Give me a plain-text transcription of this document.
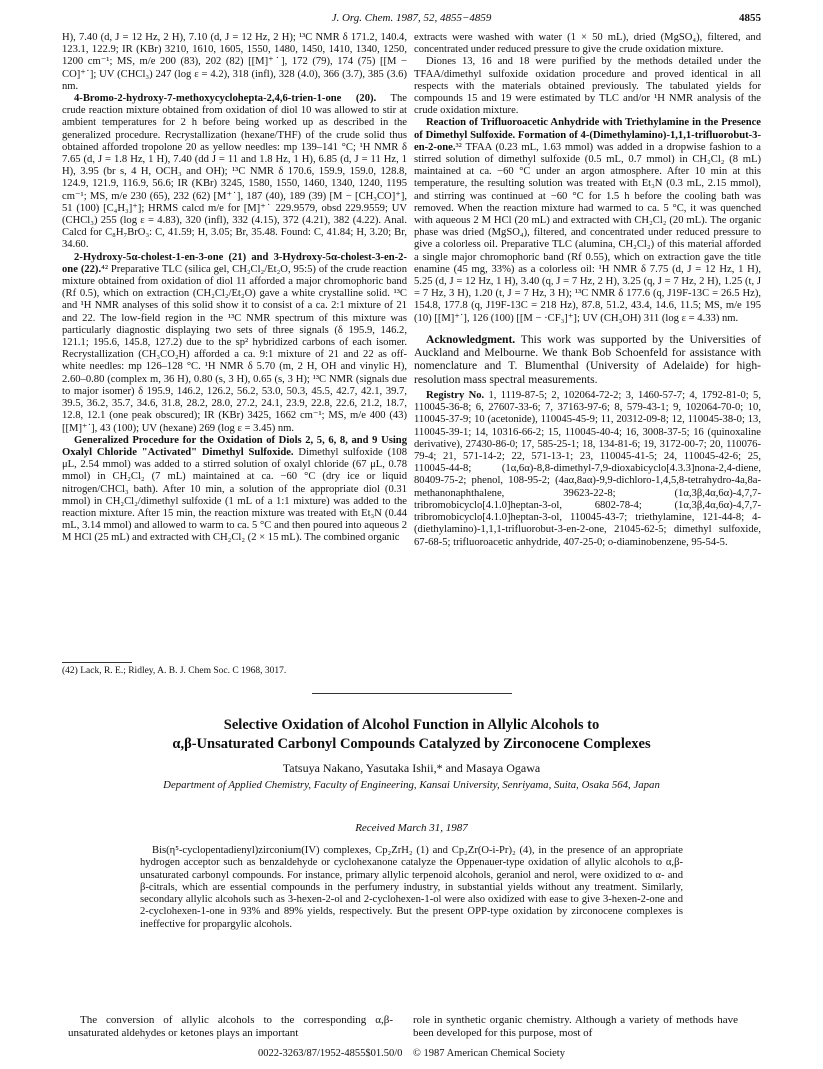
J. Org. Chem. 1987, 52, 4855−4859	4855

H), 7.40 (d, J = 12 Hz, 2 H), 7.10 (d, J = 12 Hz, 2 H); ¹³C NMR δ 171.2, 140.4, 123.1, 122.9; IR (KBr) 3210, 1610, 1605, 1550, 1480, 1450, 1410, 1340, 1250, 1200 cm⁻¹; MS, m/e 200 (83), 202 (82) [[M]⁺˙], 172 (79), 174 (75) [[M − CO]⁺˙]; UV (CHCl₃) 247 (log ε = 4.2), 318 (infl), 328 (4.0), 366 (3.7), 385 (3.6) nm.

4-Bromo-2-hydroxy-7-methoxycyclohepta-2,4,6-trien-1-one (20). The crude reaction mixture obtained from oxidation of diol 10 was allowed to stir at ambient temperatures for 2 h before being worked up as described in the generalized procedure. Recrystallization (hexane/THF) of the crude solid thus obtained afforded tropolone 20 as yellow needles: mp 139–141 °C; ¹H NMR δ 7.65 (d, J = 1.8 Hz, 1 H), 7.40 (dd J = 11 and 1.8 Hz, 1 H), 6.85 (d, J = 11 Hz, 1 H), 3.95 (br s, 4 H, OCH₃ and OH); ¹³C NMR δ 170.6, 159.9, 159.0, 128.8, 124.9, 121.9, 116.9, 56.6; IR (KBr) 3245, 1580, 1550, 1460, 1340, 1240, 1195 cm⁻¹; MS, m/e 230 (65), 232 (62) [M⁺˙], 187 (40), 189 (39) [M − [CH₃CO]⁺], 51 (100) [C₄H₃]⁺]; HRMS calcd m/e for [M]⁺˙ 229.9579, obsd 229.9559; UV (CHCl₃) 255 (log ε = 4.83), 320 (infl), 332 (4.15), 372 (4.21), 382 (4.22). Anal. Calcd for C₈H₇BrO₃: C, 41.59; H, 3.05; Br, 35.48. Found: C, 41.84; H, 3.20; Br, 34.60.

2-Hydroxy-5α-cholest-1-en-3-one (21) and 3-Hydroxy-5α-cholest-3-en-2-one (22).⁴² Preparative TLC (silica gel, CH₂Cl₂/Et₂O, 95:5) of the crude reaction mixture obtained from oxidation of diol 11 afforded a major chromophoric band (Rf 0.5), which on extraction (CH₂Cl₂/Et₂O) gave a white crystalline solid. ¹³C and ¹H NMR analyses of this solid show it to consist of a ca. 2:1 mixture of 21 and 22. The low-field region in the ¹³C NMR spectrum of this mixture was particularly diagnostic displaying two sets of three signals (δ 195.9, 146.2, 121.1; 195.6, 145.8, 127.2) due to the sp² hybridized carbons of each isomer. Recrystallization (CH₃CO₂H) afforded a ca. 9:1 mixture of 21 and 22 as off-white needles: mp 126–128 °C. ¹H NMR δ 5.70 (m, 2 H, OH and vinylic H), 2.60–0.80 (complex m, 36 H), 0.80 (s, 3 H), 0.65 (s, 3 H); ¹³C NMR (signals due to major isomer) δ 195.9, 146.2, 126.2, 56.2, 53.0, 50.3, 45.5, 42.7, 42.1, 39.7, 39.5, 36.2, 35.7, 34.6, 31.8, 28.2, 28.0, 27.2, 24.1, 23.9, 22.8, 22.6, 21.2, 18.7, 12.8, 12.1 (one peak obscured); IR (KBr) 3425, 1662 cm⁻¹; MS, m/e 400 (43) [[M]⁺˙], 43 (100); UV (hexane) 269 (log ε = 3.45) nm.

Generalized Procedure for the Oxidation of Diols 2, 5, 6, 8, and 9 Using Oxalyl Chloride "Activated" Dimethyl Sulfoxide. Dimethyl sulfoxide (108 μL, 2.54 mmol) was added to a stirred solution of oxalyl chloride (67 μL, 0.78 mmol) in CH₂Cl₂ (7 mL) maintained at ca. −60 °C (dry ice or liquid nitrogen/CHCl₃ bath). After 10 min, a solution of the appropriate diol (0.31 mmol) in CH₂Cl₂/dimethyl sulfoxide (1 mL of a 1:1 mixture) was added to the reaction mixture. After 15 min, the reaction mixture was treated with Et₃N (0.44 mL, 3.14 mmol) and allowed to warm to ca. 5 °C and then poured into aqueous 2 M HCl (25 mL) and extracted with CH₂Cl₂ (2 × 15 mL). The combined organic

extracts were washed with water (1 × 50 mL), dried (MgSO₄), filtered, and concentrated under reduced pressure to give the crude oxidation mixture.

Diones 13, 16 and 18 were purified by the methods detailed under the TFAA/dimethyl sulfoxide oxidation procedure and proved identical in all respects with the materials obtained previously. The tabulated yields for compounds 15 and 19 were estimated by TLC and/or ¹H NMR analysis of the crude oxidation mixture.

Reaction of Trifluoroacetic Anhydride with Triethylamine in the Presence of Dimethyl Sulfoxide. Formation of 4-(Dimethylamino)-1,1,1-trifluorobut-3-en-2-one.³² TFAA (0.23 mL, 1.63 mmol) was added in a dropwise fashion to a stirred solution of dimethyl sulfoxide (0.5 mL, 0.7 mmol) in CH₂Cl₂ (8 mL) maintained at ca. −60 °C under an argon atmosphere. After 10 min at this temperature, the resulting solution was treated with Et₃N (0.3 mL, 2.15 mmol), and stirring was continued at −60 °C for 1.5 h before the cooling bath was removed. When the reaction mixture had warmed to ca. 5 °C, it was quenched with aqueous 2 M HCl (20 mL) and extracted with CH₂Cl₂ (20 mL). The organic phase was dried (MgSO₄), filtered, and concentrated under reduced pressure to give a colorless oil. Preparative TLC (alumina, CH₂Cl₂) of this material afforded a single major chromophoric band (Rf 0.55), which on extraction gave the title enamine (45 mg, 33%) as a colorless oil: ¹H NMR δ 7.75 (d, J = 12 Hz, 1 H), 5.25 (d, J = 12 Hz, 1 H), 3.40 (q, J = 7 Hz, 2 H), 3.25 (q, J = 7 Hz, 2 H), 1.25 (t, J = 7 Hz, 3 H), 1.20 (t, J = 7 Hz, 3 H); ¹³C NMR δ 177.6 (q, J19F-13C = 26.5 Hz), 154.8, 177.8 (q, J19F-13C = 218 Hz), 87.8, 51.2, 43.4, 14.6, 11.5; MS, m/e 195 (10) [[M]⁺˙], 126 (100) [[M − ·CF₃]⁺]; UV (CH₃OH) 311 (log ε = 4.33) nm.

Acknowledgment. This work was supported by the Universities of Auckland and Melbourne. We thank Bob Schoenfeld for assistance with nomenclature and T. Blumenthal (University of Adelaide) for high-resolution mass spectral measurements.

Registry No. 1, 1119-87-5; 2, 102064-72-2; 3, 1460-57-7; 4, 1792-81-0; 5, 110045-36-8; 6, 27607-33-6; 7, 37163-97-6; 8, 579-43-1; 9, 102064-70-0; 10, 110045-37-9; 10 (acetonide), 110045-45-9; 11, 20312-09-8; 12, 110045-38-0; 13, 110045-39-1; 14, 10316-66-2; 15, 110045-40-4; 16, 3008-37-5; 16 (quinoxaline derivative), 27430-86-0; 17, 585-25-1; 18, 134-81-6; 19, 3172-00-7; 20, 110076-79-4; 21, 571-14-2; 22, 571-13-1; 23, 110045-41-5; 24, 110045-42-6; 25, 110045-44-8; (1α,6α)-8,8-dimethyl-7,9-dioxabicyclo[4.3.3]nona-2,4-diene, 80409-75-2; phenol, 108-95-2; (4aα,8aα)-9,9-dichloro-1,4,5,8-tetrahydro-4a,8a-methanonaphthalene, 39623-22-8; (1α,3β,4α,6α)-4,7,7-tribromobicyclo[4.1.0]heptan-3-ol, 6802-78-4; (1α,3β,4α,6α)-4,7,7-tribromobicyclo[4.1.0]heptan-3-ol, 110045-43-7; triethylamine, 121-44-8; 4-(diethylamino)-1,1,1-trifluorobut-3-en-2-one, 21045-62-5; dimethyl sulfoxide, 67-68-5; trifluoroacetic anhydride, 407-25-0; o-diaminobenzene, 95-54-5.

(42) Lack, R. E.; Ridley, A. B. J. Chem Soc. C 1968, 3017.
Selective Oxidation of Alcohol Function in Allylic Alcohols to
α,β-Unsaturated Carbonyl Compounds Catalyzed by Zirconocene Complexes
Tatsuya Nakano, Yasutaka Ishii,* and Masaya Ogawa
Department of Applied Chemistry, Faculty of Engineering, Kansai University, Senriyama, Suita, Osaka 564, Japan
Received March 31, 1987

Bis(η⁵-cyclopentadienyl)zirconium(IV) complexes, Cp₂ZrH₂ (1) and Cp₂Zr(O-i-Pr)₂ (4), in the presence of an appropriate hydrogen acceptor such as benzaldehyde or cyclohexanone catalyze the Oppenauer-type oxidation of allylic alcohols to α,β-unsaturated carbonyl compounds. For instance, primary allylic terpenoid alcohols, geraniol and nerol, were oxidized to α- and β-citrals, which are essential compounds in the perfumery industry, in substantial yields without any treatment. Similarly, secondary allylic alcohols such as 3-hexen-2-ol and 2-cyclohexen-1-ol were also oxidized with ease to give 3-hexen-2-one and 2-cyclohexen-1-one in 93% and 89% yields, respectively. But the present OPP-type oxidation by zirconocene complexes is ineffective for propargylic alcohols.

The conversion of allylic alcohols to the corresponding α,β-unsaturated aldehydes or ketones plays an important

role in synthetic organic chemistry. Although a variety of methods have been developed for this purpose, most of

0022-3263/87/1952-4855$01.50/0 © 1987 American Chemical Society
